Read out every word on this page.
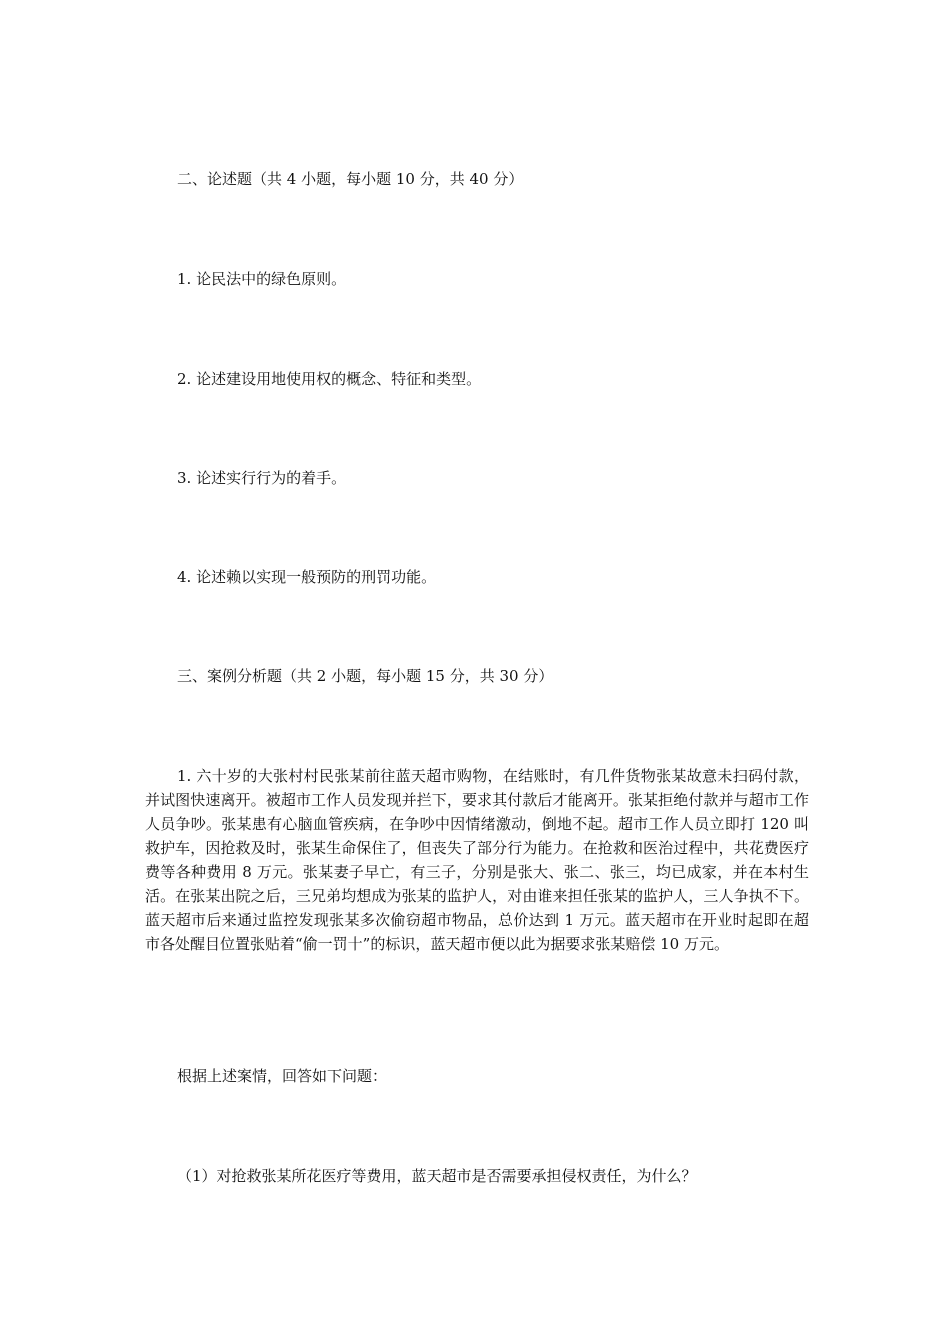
二、论述题（共 4 小题，每小题 10 分，共 40 分）

1. 论民法中的绿色原则。

2. 论述建设用地使用权的概念、特征和类型。

3. 论述实行行为的着手。

4. 论述赖以实现一般预防的刑罚功能。

三、案例分析题（共 2 小题，每小题 15 分，共 30 分）

1. 六十岁的大张村村民张某前往蓝天超市购物，在结账时，有几件货物张某故意未扫码付款，并试图快速离开。被超市工作人员发现并拦下，要求其付款后才能离开。张某拒绝付款并与超市工作人员争吵。张某患有心脑血管疾病，在争吵中因情绪激动，倒地不起。超市工作人员立即打 120 叫救护车，因抢救及时，张某生命保住了，但丧失了部分行为能力。在抢救和医治过程中，共花费医疗费等各种费用 8 万元。张某妻子早亡，有三子，分别是张大、张二、张三，均已成家，并在本村生活。在张某出院之后，三兄弟均想成为张某的监护人，对由谁来担任张某的监护人，三人争执不下。蓝天超市后来通过监控发现张某多次偷窃超市物品，总价达到 1 万元。蓝天超市在开业时起即在超市各处醒目位置张贴着“偷一罚十”的标识，蓝天超市便以此为据要求张某赔偿 10 万元。

根据上述案情，回答如下问题：

（1）对抢救张某所花医疗等费用，蓝天超市是否需要承担侵权责任，为什么？
